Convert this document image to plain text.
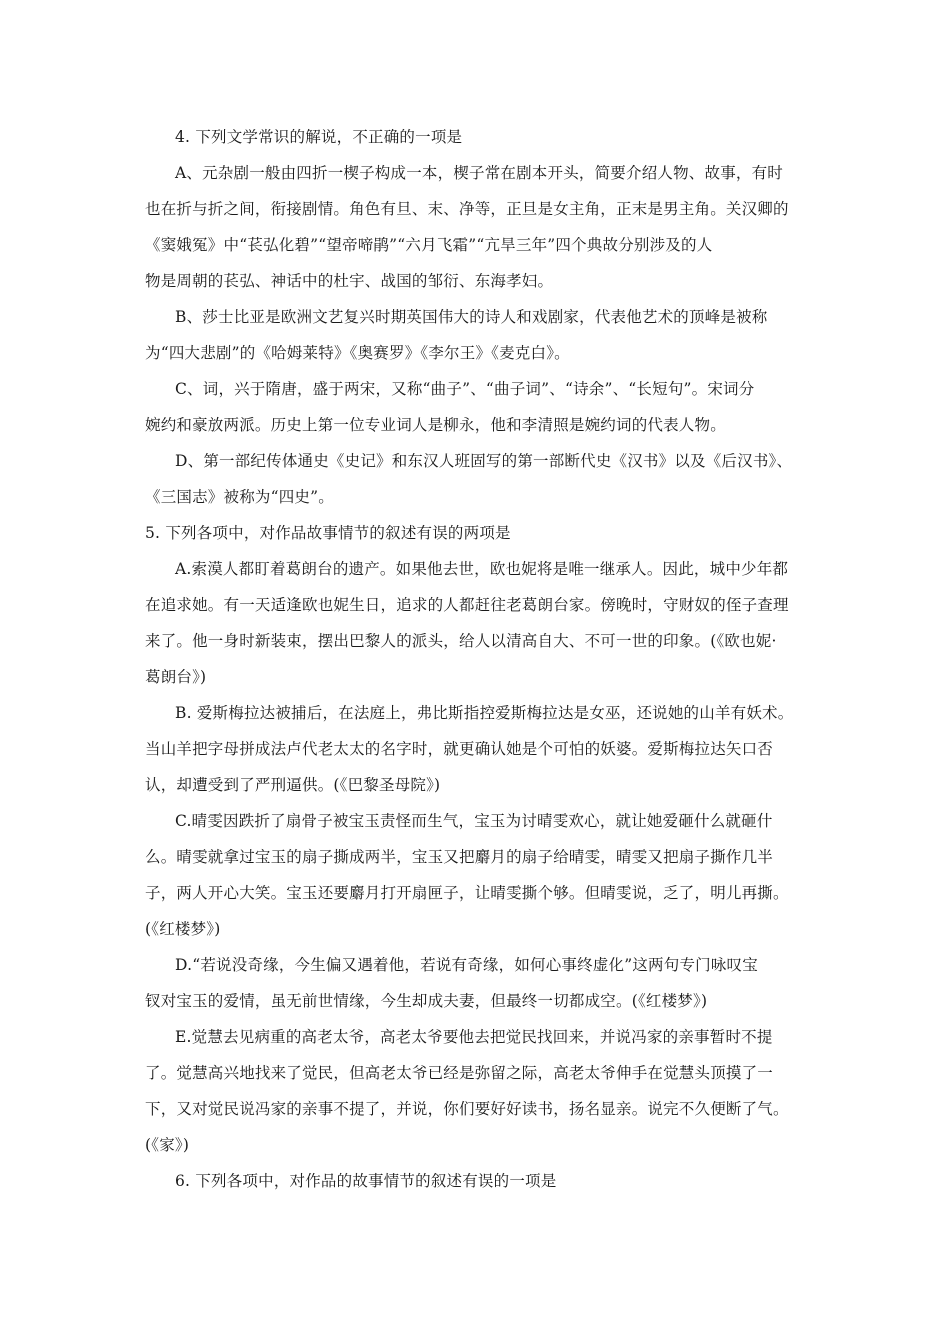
4. 下列文学常识的解说，不正确的一项是

A、元杂剧一般由四折一楔子构成一本，楔子常在剧本开头，简要介绍人物、故事，有时

也在折与折之间，衔接剧情。角色有旦、末、净等，正旦是女主角，正末是男主角。关汉卿的

《窦娥冤》中“苌弘化碧”“望帝啼鹃”“六月飞霜”“亢旱三年”四个典故分别涉及的人

物是周朝的苌弘、神话中的杜宇、战国的邹衍、东海孝妇。

B、莎士比亚是欧洲文艺复兴时期英国伟大的诗人和戏剧家，代表他艺术的顶峰是被称

为“四大悲剧”的《哈姆莱特》《奥赛罗》《李尔王》《麦克白》。

C、词，兴于隋唐，盛于两宋，又称“曲子”、“曲子词”、“诗余”、“长短句”。宋词分

婉约和豪放两派。历史上第一位专业词人是柳永，他和李清照是婉约词的代表人物。

D、第一部纪传体通史《史记》和东汉人班固写的第一部断代史《汉书》以及《后汉书》、

《三国志》被称为“四史”。

5. 下列各项中，对作品故事情节的叙述有误的两项是

A.索漠人都盯着葛朗台的遗产。如果他去世，欧也妮将是唯一继承人。因此，城中少年都

在追求她。有一天适逢欧也妮生日，追求的人都赶往老葛朗台家。傍晚时，守财奴的侄子查理

来了。他一身时新装束，摆出巴黎人的派头，给人以清高自大、不可一世的印象。(《欧也妮·

葛朗台》)

B. 爱斯梅拉达被捕后，在法庭上，弗比斯指控爱斯梅拉达是女巫，还说她的山羊有妖术。

当山羊把字母拼成法卢代老太太的名字时，就更确认她是个可怕的妖婆。爱斯梅拉达矢口否

认，却遭受到了严刑逼供。(《巴黎圣母院》)

C.晴雯因跌折了扇骨子被宝玉责怪而生气，宝玉为讨晴雯欢心，就让她爱砸什么就砸什

么。晴雯就拿过宝玉的扇子撕成两半，宝玉又把麝月的扇子给晴雯，晴雯又把扇子撕作几半

子，两人开心大笑。宝玉还要麝月打开扇匣子，让晴雯撕个够。但晴雯说，乏了，明儿再撕。

(《红楼梦》)

D.“若说没奇缘，今生偏又遇着他，若说有奇缘，如何心事终虚化”这两句专门咏叹宝

钗对宝玉的爱情，虽无前世情缘，今生却成夫妻，但最终一切都成空。(《红楼梦》)

E.觉慧去见病重的高老太爷，高老太爷要他去把觉民找回来，并说冯家的亲事暂时不提

了。觉慧高兴地找来了觉民，但高老太爷已经是弥留之际，高老太爷伸手在觉慧头顶摸了一

下，又对觉民说冯家的亲事不提了，并说，你们要好好读书，扬名显亲。说完不久便断了气。

(《家》)

6. 下列各项中，对作品的故事情节的叙述有误的一项是
